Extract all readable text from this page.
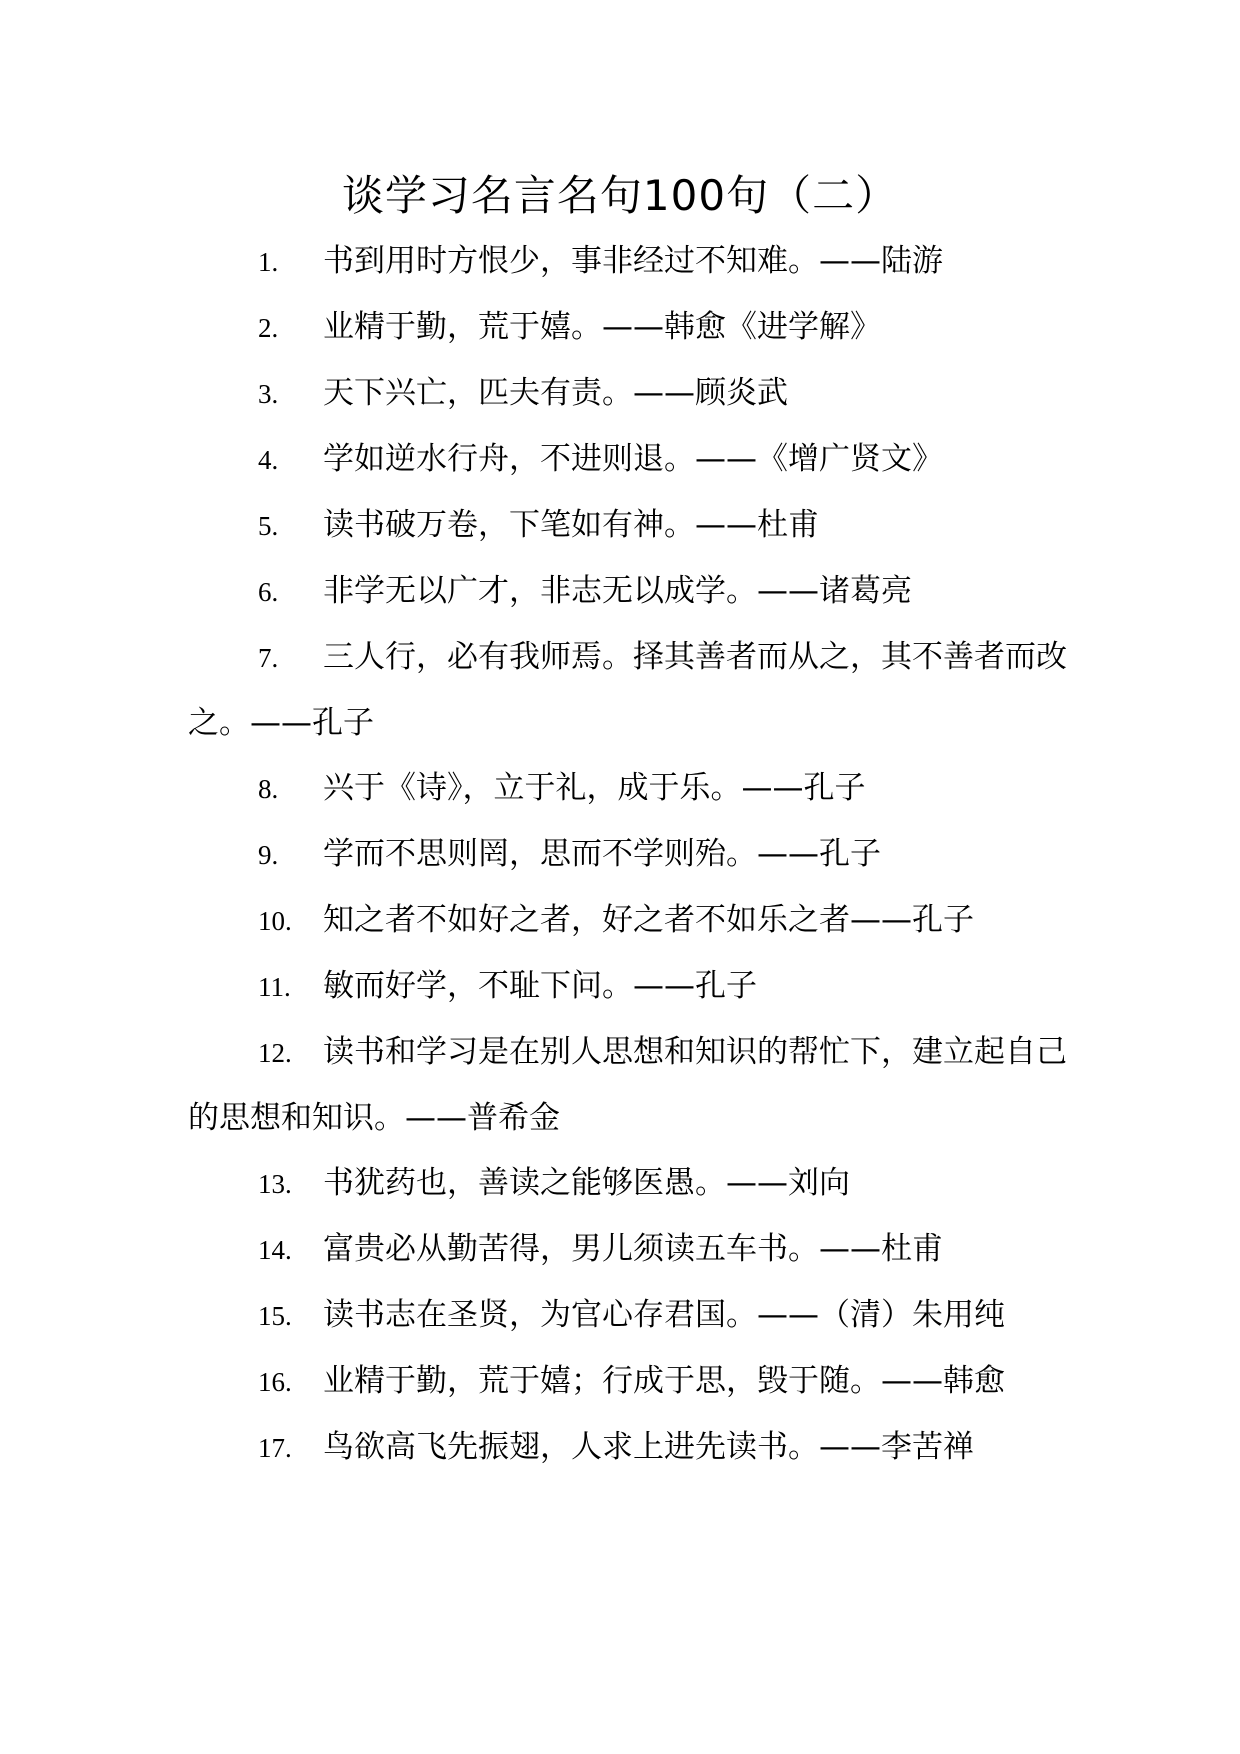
谈学习名言名句100句（二）
1. 书到用时方恨少，事非经过不知难。——陆游
2. 业精于勤，荒于嬉。——韩愈《进学解》
3. 天下兴亡，匹夫有责。——顾炎武
4. 学如逆水行舟，不进则退。——《增广贤文》
5. 读书破万卷，下笔如有神。——杜甫
6. 非学无以广才，非志无以成学。——诸葛亮
7. 三人行，必有我师焉。择其善者而从之，其不善者而改之。——孔子
8. 兴于《诗》，立于礼，成于乐。——孔子
9. 学而不思则罔，思而不学则殆。——孔子
10. 知之者不如好之者，好之者不如乐之者——孔子
11. 敏而好学，不耻下问。——孔子
12. 读书和学习是在别人思想和知识的帮忙下，建立起自己的思想和知识。——普希金
13. 书犹药也，善读之能够医愚。——刘向
14. 富贵必从勤苦得，男儿须读五车书。——杜甫
15. 读书志在圣贤，为官心存君国。——（清）朱用纯
16. 业精于勤，荒于嬉；行成于思，毁于随。——韩愈
17. 鸟欲高飞先振翅，人求上进先读书。——李苦禅
